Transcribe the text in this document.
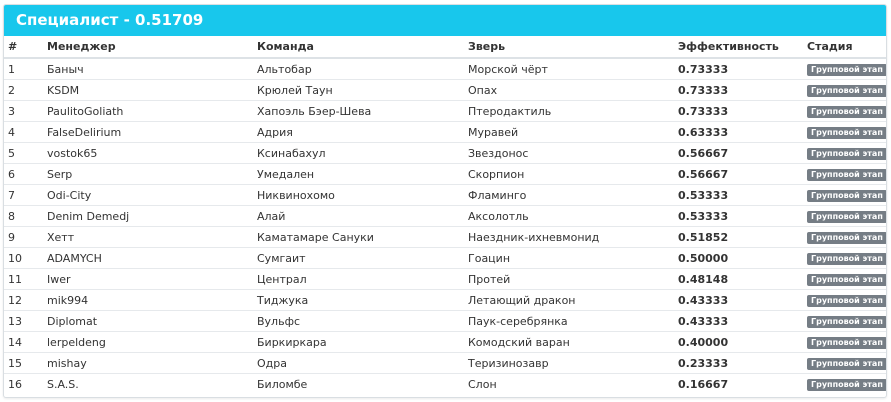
Специалист - 0.51709
#	Менеджер	Команда	Зверь	Эффективность	Стадия
1	Баныч	Альтобар	Морской чёрт	0.73333	Групповой этап
2	KSDM	Крюлей Таун	Опах	0.73333	Групповой этап
3	PaulitoGoliath	Хапоэль Бэер-Шева	Птеродактиль	0.73333	Групповой этап
4	FalseDelirium	Адрия	Муравей	0.63333	Групповой этап
5	vostok65	Ксинабахул	Звездонос	0.56667	Групповой этап
6	Serp	Умедален	Скорпион	0.56667	Групповой этап
7	Odi-City	Никвинохомо	Фламинго	0.53333	Групповой этап
8	Denim Demedj	Алай	Аксолотль	0.53333	Групповой этап
9	Хетт	Каматамаре Сануки	Наездник-ихневмонид	0.51852	Групповой этап
10	ADAMYCH	Сумгаит	Гоацин	0.50000	Групповой этап
11	Iwer	Централ	Протей	0.48148	Групповой этап
12	mik994	Тиджука	Летающий дракон	0.43333	Групповой этап
13	Diplomat	Вульфс	Паук-серебрянка	0.43333	Групповой этап
14	lerpeldeng	Биркиркара	Комодский варан	0.40000	Групповой этап
15	mishay	Одра	Теризинозавр	0.23333	Групповой этап
16	S.A.S.	Биломбе	Слон	0.16667	Групповой этап
